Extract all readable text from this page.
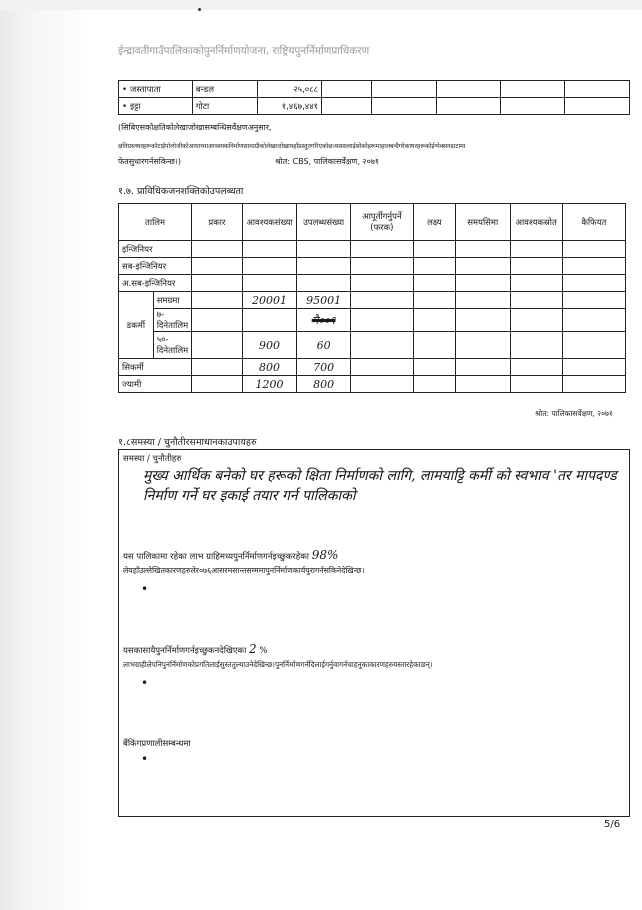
ईन्द्रावतीगाउँपालिकाकोपुनर्निर्माणयोजना, राष्ट्रियपुनर्निर्माणप्राधिकरण
• जस्तापाता	बन्डल	२५,०८८					
• इट्टा	गोटा	१,४६७,४४१					
(सिबिएसकोक्षतिकोलेखाजोखासम्बन्धिसर्वेक्षणअनुसार,
क्षतिग्रस्तघरहरूकोटाईपोलोजीकोआधारमाआवश्यकनिर्माणसामाग्रीकोलेखाजोखायहाँप्रस्तुतगरिएकोछ।यससलाईसोकोहरूमाहालबन्दैगरेकाघरहरूकोईन्पेक्सनडाटामा
फेतसुधारगर्नसकिन्छ।)	श्रोत: CBS, पालिकासर्वेक्षण, २०७१
१.७. प्राविधिकजनशक्तिकोउपलब्धता
तालिम		प्रकार	आवश्यकसंख्या	उपलब्धसंख्या	आपूर्तीगर्नुपर्ने (फरक)	लक्ष्य	समयसिमा	आवश्यकस्रोत	कैफियत
इन्जिनियर									
सब-इन्जिनियर									
अ.सब-इन्जिनियर									
डकर्मी	समग्रमा		20001	95001					
	७-दिनेतालिम			मै००१					
	५०-दिनेतालिम		900	60					
सिकर्मी			800	700					
ज्यामी			1200	800					
श्रोत: पालिकासर्वेक्षण, २०७१
१.८समस्या / चुनौतीरसमाधानकाउपायहरु
समस्या / चुनौतीहरु
मुख्य आर्थिक बनेको घर हरूको क्षिता निर्माणको लागि, लामयाट्टि कर्मी को स्वभाव 'तर मापदण्ड निर्माण गर्ने घर इकाई तयार गर्न पालिकाको
यस पालिकामा रहेका लाभ ग्राहिमध्यपुनर्निर्माणगर्नइच्छुकरहेका 98%
लेयहाँउल्लेखितकारणहरुलेर०७६आसरमसान्तसम्ममापुनर्निर्माणकार्यपुरागर्नसकिनेदेखिन्छ।
•
यसकासायैपुनर्निर्माणगर्नइच्छुकनदेखिएका 2 %
लाभग्राहीलेपनिपुनर्निर्माणकोप्रगतिलाईसुस्ततुल्याउनेदेखिन्छ।पुनर्निर्माणगर्नदिलाईगर्नुवागर्नचाहनुकाकारणहरुयस्तारहेकाछन्।
•
बैंकिंगप्रणालीसम्बन्धमा
•
5/6
